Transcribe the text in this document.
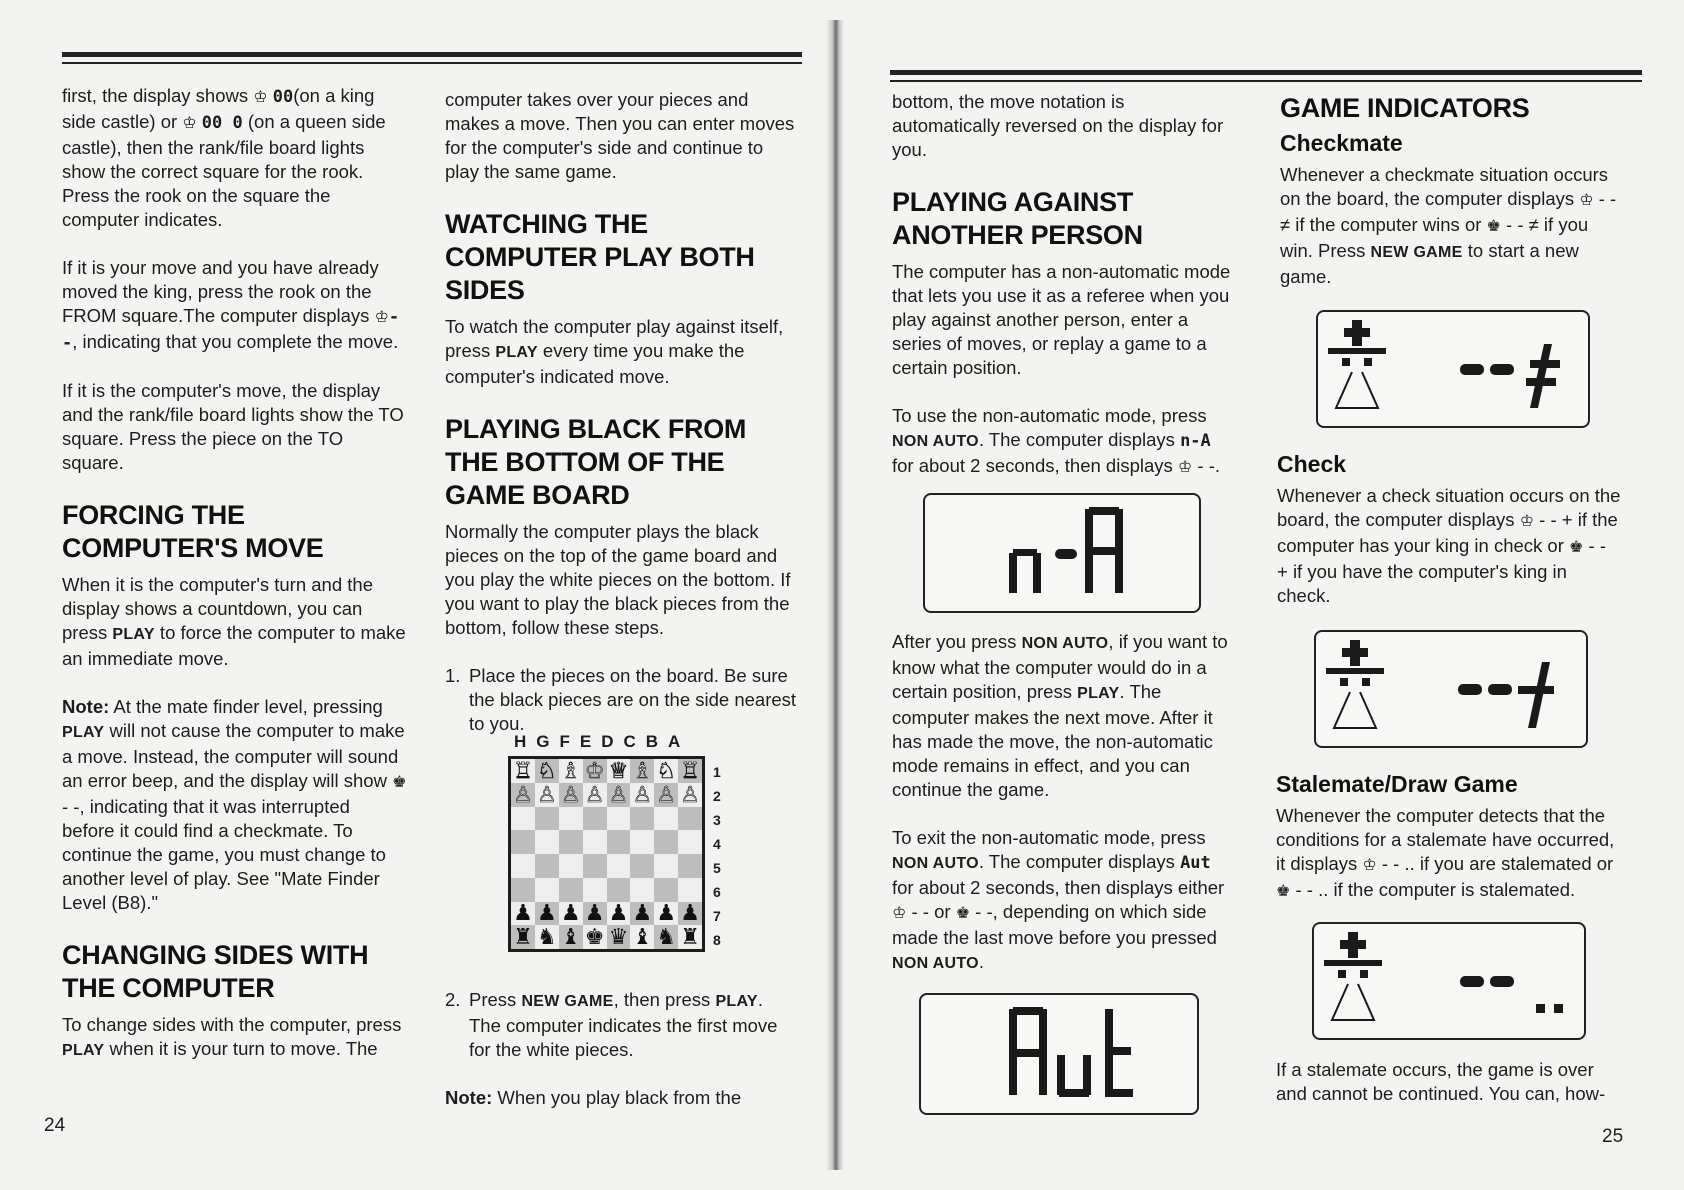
first, the display shows ♔ 00(on a king side castle) or ♔ 00 0 (on a queen side castle), then the rank/file board lights show the correct square for the rook. Press the rook on the square the computer indicates.

If it is your move and you have already moved the king, press the rook on the FROM square.The computer displays ♔--, indicating that you complete the move.

If it is the computer's move, the display and the rank/file board lights show the TO square. Press the piece on the TO square.

FORCING THE COMPUTER'S MOVE

When it is the computer's turn and the display shows a countdown, you can press PLAY to force the computer to make an immediate move.

Note: At the mate finder level, pressing PLAY will not cause the computer to make a move. Instead, the computer will sound an error beep, and the display will show ♚ - -, indicating that it was interrupted before it could find a checkmate. To continue the game, you must change to another level of play. See "Mate Finder Level (B8)."

CHANGING SIDES WITH THE COMPUTER

To change sides with the computer, press PLAY when it is your turn to move. The

computer takes over your pieces and makes a move. Then you can enter moves for the computer's side and continue to play the same game.

WATCHING THE COMPUTER PLAY BOTH SIDES

To watch the computer play against itself, press PLAY every time you make the computer's indicated move.

PLAYING BLACK FROM THE BOTTOM OF THE GAME BOARD

Normally the computer plays the black pieces on the top of the game board and you play the white pieces on the bottom. If you want to play the black pieces from the bottom, follow these steps.

1. Place the pieces on the board. Be sure the black pieces are on the side nearest to you.
HGFEDCBA
♖ ♘ ♗ ♔ ♕ ♗ ♘ ♖
♙ ♙ ♙ ♙ ♙ ♙ ♙ ♙
♟ ♟ ♟ ♟ ♟ ♟ ♟ ♟
♜ ♞ ♝ ♚ ♛ ♝ ♞ ♜
1
2
3
4
5
6
7
8
2. Press NEW GAME, then press PLAY. The computer indicates the first move for the white pieces.

Note: When you play black from the

24

bottom, the move notation is automatically reversed on the display for you.

PLAYING AGAINST ANOTHER PERSON

The computer has a non-automatic mode that lets you use it as a referee when you play against another person, enter a series of moves, or replay a game to a certain position.

To use the non-automatic mode, press NON AUTO. The computer displays n-A for about 2 seconds, then displays ♔ - -.

After you press NON AUTO, if you want to know what the computer would do in a certain position, press PLAY. The computer makes the next move. After it has made the move, the non-automatic mode remains in effect, and you can continue the game.

To exit the non-automatic mode, press NON AUTO. The computer displays Aut for about 2 seconds, then displays either ♔ - - or ♚ - -, depending on which side made the last move before you pressed NON AUTO.

GAME INDICATORS
Checkmate

Whenever a checkmate situation occurs on the board, the computer displays ♔ - - ≠ if the computer wins or ♚ - - ≠ if you win. Press NEW GAME to start a new game.

Check

Whenever a check situation occurs on the board, the computer displays ♔ - - + if the computer has your king in check or ♚ - - + if you have the computer's king in check.

Stalemate/Draw Game

Whenever the computer detects that the conditions for a stalemate have occurred, it displays ♔ - - .. if you are stalemated or ♚ - - .. if the computer is stalemated.

If a stalemate occurs, the game is over and cannot be continued. You can, how-

25
